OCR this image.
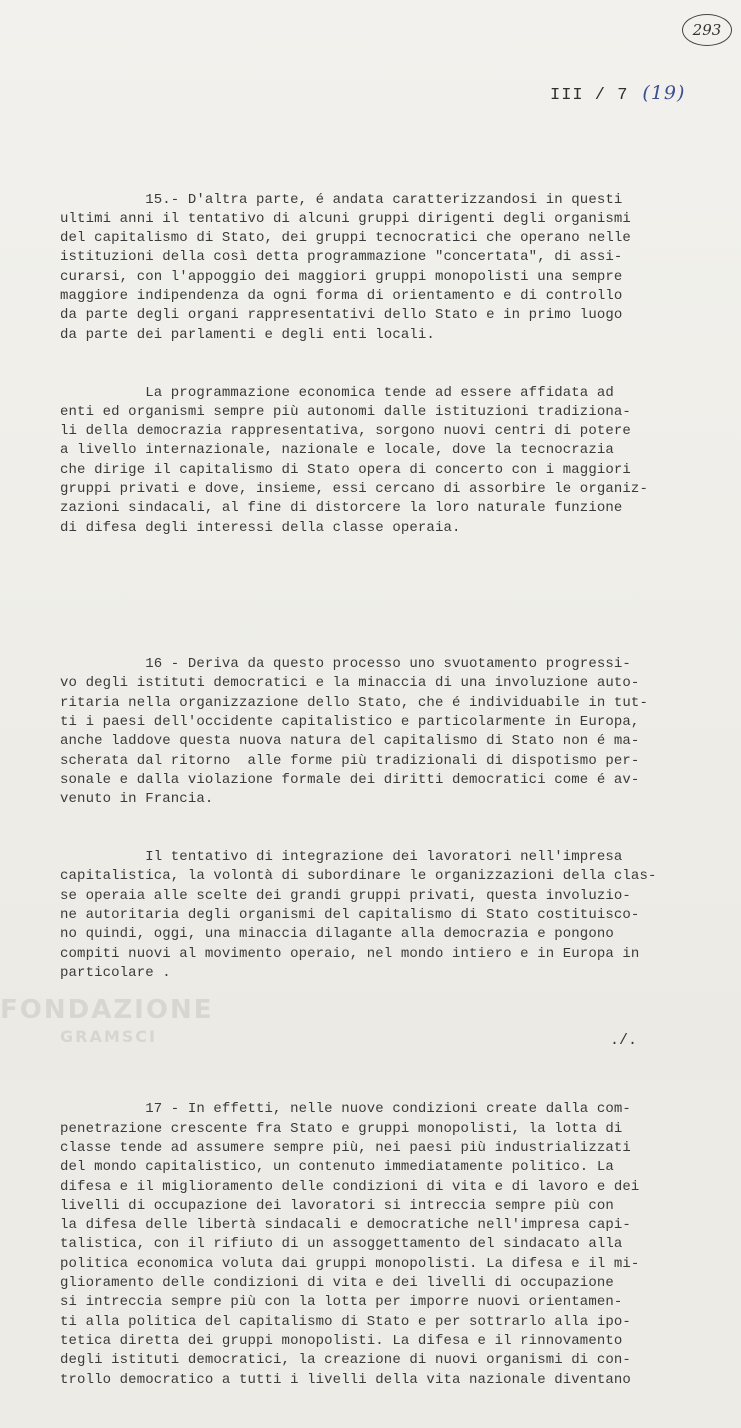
293
III / 7 (19)

15.- D'altra parte, é andata caratterizzandosi in questi
ultimi anni il tentativo di alcuni gruppi dirigenti degli organismi
del capitalismo di Stato, dei gruppi tecnocratici che operano nelle
istituzioni della così detta programmazione "concertata", di assi-
curarsi, con l'appoggio dei maggiori gruppi monopolisti una sempre
maggiore indipendenza da ogni forma di orientamento e di controllo
da parte degli organi rappresentativi dello Stato e in primo luogo
da parte dei parlamenti e degli enti locali.

La programmazione economica tende ad essere affidata ad
enti ed organismi sempre più autonomi dalle istituzioni tradiziona-
li della democrazia rappresentativa, sorgono nuovi centri di potere
a livello internazionale, nazionale e locale, dove la tecnocrazia
che dirige il capitalismo di Stato opera di concerto con i maggiori
gruppi privati e dove, insieme, essi cercano di assorbire le organiz-
zazioni sindacali, al fine di distorcere la loro naturale funzione
di difesa degli interessi della classe operaia.

16 - Deriva da questo processo uno svuotamento progressi-
vo degli istituti democratici e la minaccia di una involuzione auto-
ritaria nella organizzazione dello Stato, che é individuabile in tut-
ti i paesi dell'occidente capitalistico e particolarmente in Europa,
anche laddove questa nuova natura del capitalismo di Stato non é ma-
scherata dal ritorno  alle forme più tradizionali di dispotismo per-
sonale e dalla violazione formale dei diritti democratici come é av-
venuto in Francia.

Il tentativo di integrazione dei lavoratori nell'impresa
capitalistica, la volontà di subordinare le organizzazioni della clas-
se operaia alle scelte dei grandi gruppi privati, questa involuzio-
ne autoritaria degli organismi del capitalismo di Stato costituisco-
no quindi, oggi, una minaccia dilagante alla democrazia e pongono
compiti nuovi al movimento operaio, nel mondo intiero e in Europa in
particolare .

17 - In effetti, nelle nuove condizioni create dalla com-
penetrazione crescente fra Stato e gruppi monopolisti, la lotta di
classe tende ad assumere sempre più, nei paesi più industrializzati
del mondo capitalistico, un contenuto immediatamente politico. La
difesa e il miglioramento delle condizioni di vita e di lavoro e dei
livelli di occupazione dei lavoratori si intreccia sempre più con
la difesa delle libertà sindacali e democratiche nell'impresa capi-
talistica, con il rifiuto di un assoggettamento del sindacato alla
politica economica voluta dai gruppi monopolisti. La difesa e il mi-
glioramento delle condizioni di vita e dei livelli di occupazione
si intreccia sempre più con la lotta per imporre nuovi orientamen-
ti alla politica del capitalismo di Stato e per sottrarlo alla ipo-
tetica diretta dei gruppi monopolisti. La difesa e il rinnovamento
degli istituti democratici, la creazione di nuovi organismi di con-
trollo democratico a tutti i livelli della vita nazionale diventano

./.
FONDAZIONE
GRAMSCI
